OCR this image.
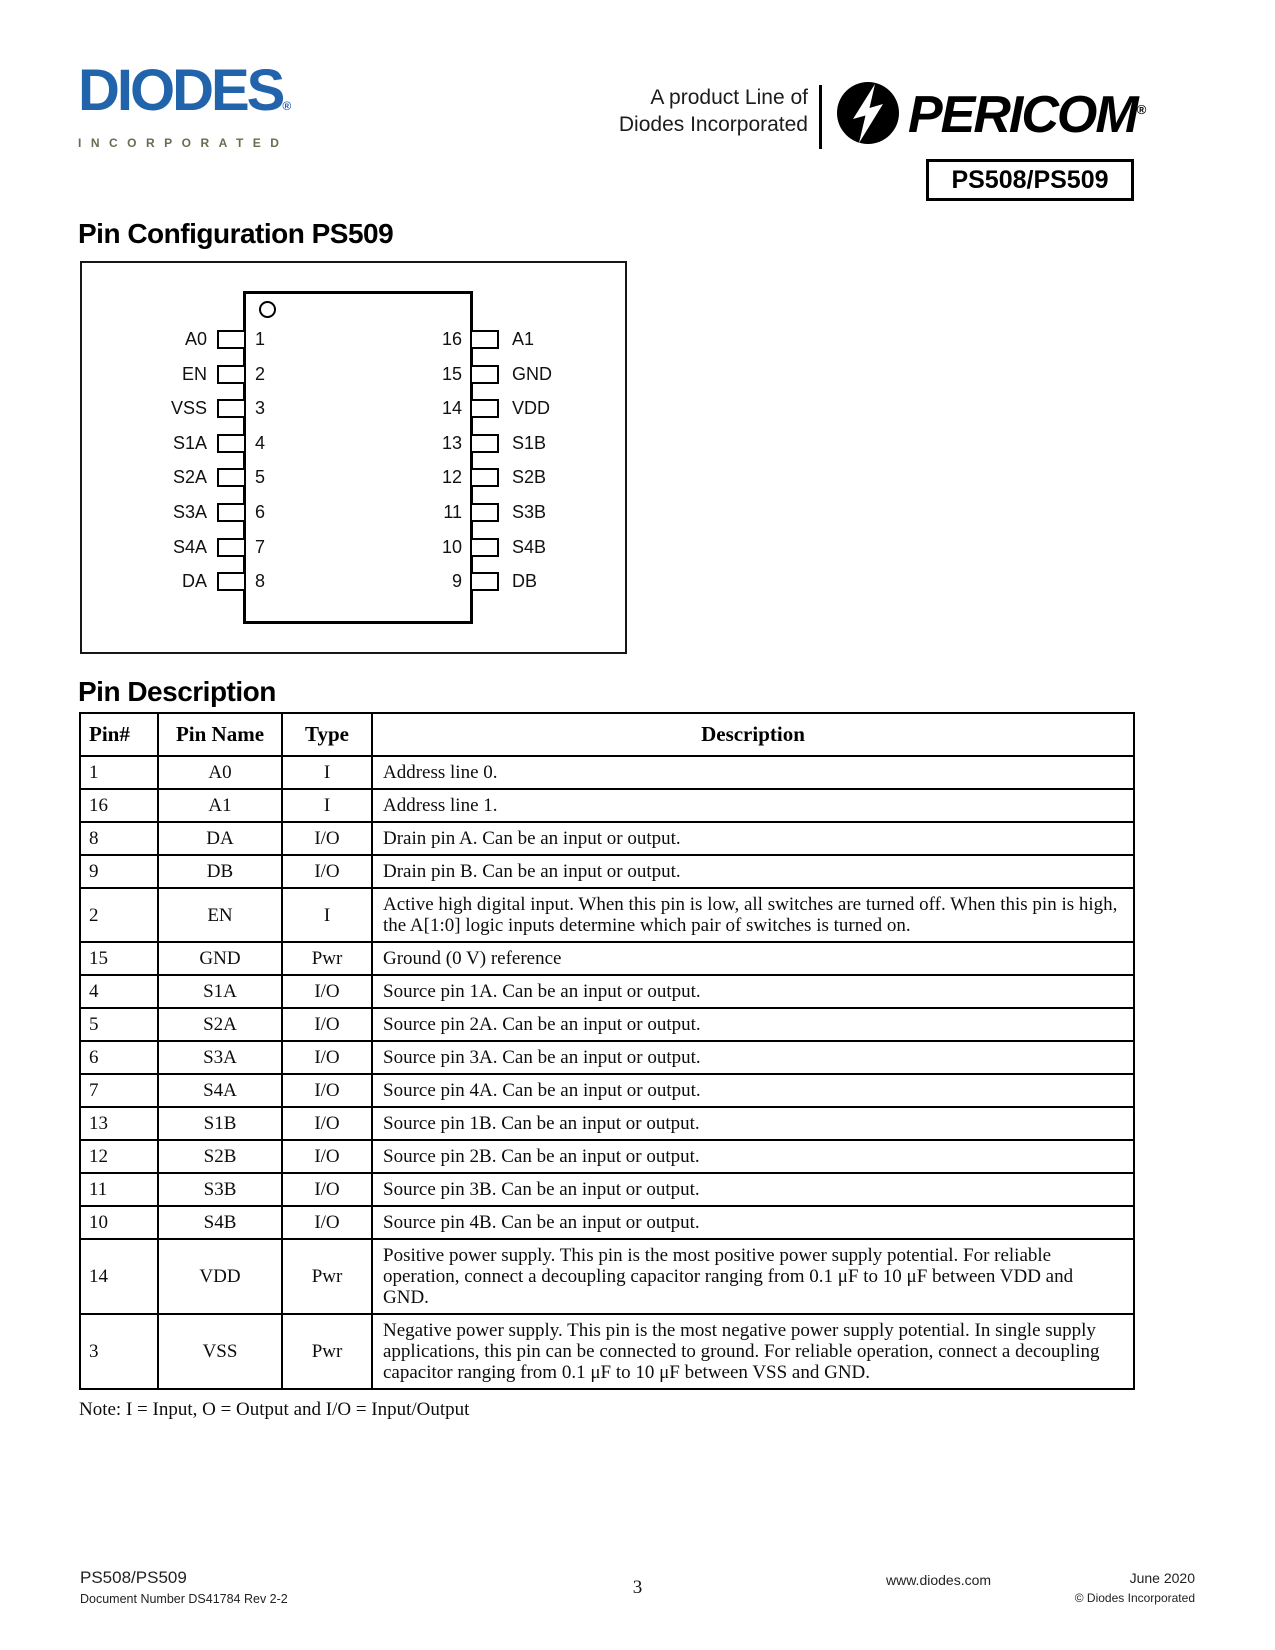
DIODES®
INCORPORATED
A product Line of
Diodes Incorporated PERICOM®
PS508/PS509
Pin Configuration PS509
A0	1
EN	2
VSS	3
S1A	4
S2A	5
S3A	6
S4A	7
DA	8
A1
16
GND
15
VDD
14
S1B
13
S2B
12
S3B
11
S4B
10
DB
9
Pin Description
Pin#	Pin Name	Type	Description
1	A0	I	Address line 0.
16	A1	I	Address line 1.
8	DA	I/O	Drain pin A. Can be an input or output.
9	DB	I/O	Drain pin B. Can be an input or output.
2	EN	I	Active high digital input. When this pin is low, all switches are turned off. When this pin is high, the A[1:0] logic inputs determine which pair of switches is turned on.
15	GND	Pwr	Ground (0 V) reference
4	S1A	I/O	Source pin 1A. Can be an input or output.
5	S2A	I/O	Source pin 2A. Can be an input or output.
6	S3A	I/O	Source pin 3A. Can be an input or output.
7	S4A	I/O	Source pin 4A. Can be an input or output.
13	S1B	I/O	Source pin 1B. Can be an input or output.
12	S2B	I/O	Source pin 2B. Can be an input or output.
11	S3B	I/O	Source pin 3B. Can be an input or output.
10	S4B	I/O	Source pin 4B. Can be an input or output.
14	VDD	Pwr	Positive power supply. This pin is the most positive power supply potential. For reliable operation, connect a decoupling capacitor ranging from 0.1 μF to 10 μF between VDD and GND.
3	VSS	Pwr	Negative power supply. This pin is the most negative power supply potential. In single supply applications, this pin can be connected to ground. For reliable operation, connect a decoupling capacitor ranging from 0.1 μF to 10 μF between VSS and GND.
Note: I = Input, O = Output and I/O = Input/Output
PS508/PS509
Document Number DS41784 Rev 2-2
3	www.diodes.com	June 2020
© Diodes Incorporated
